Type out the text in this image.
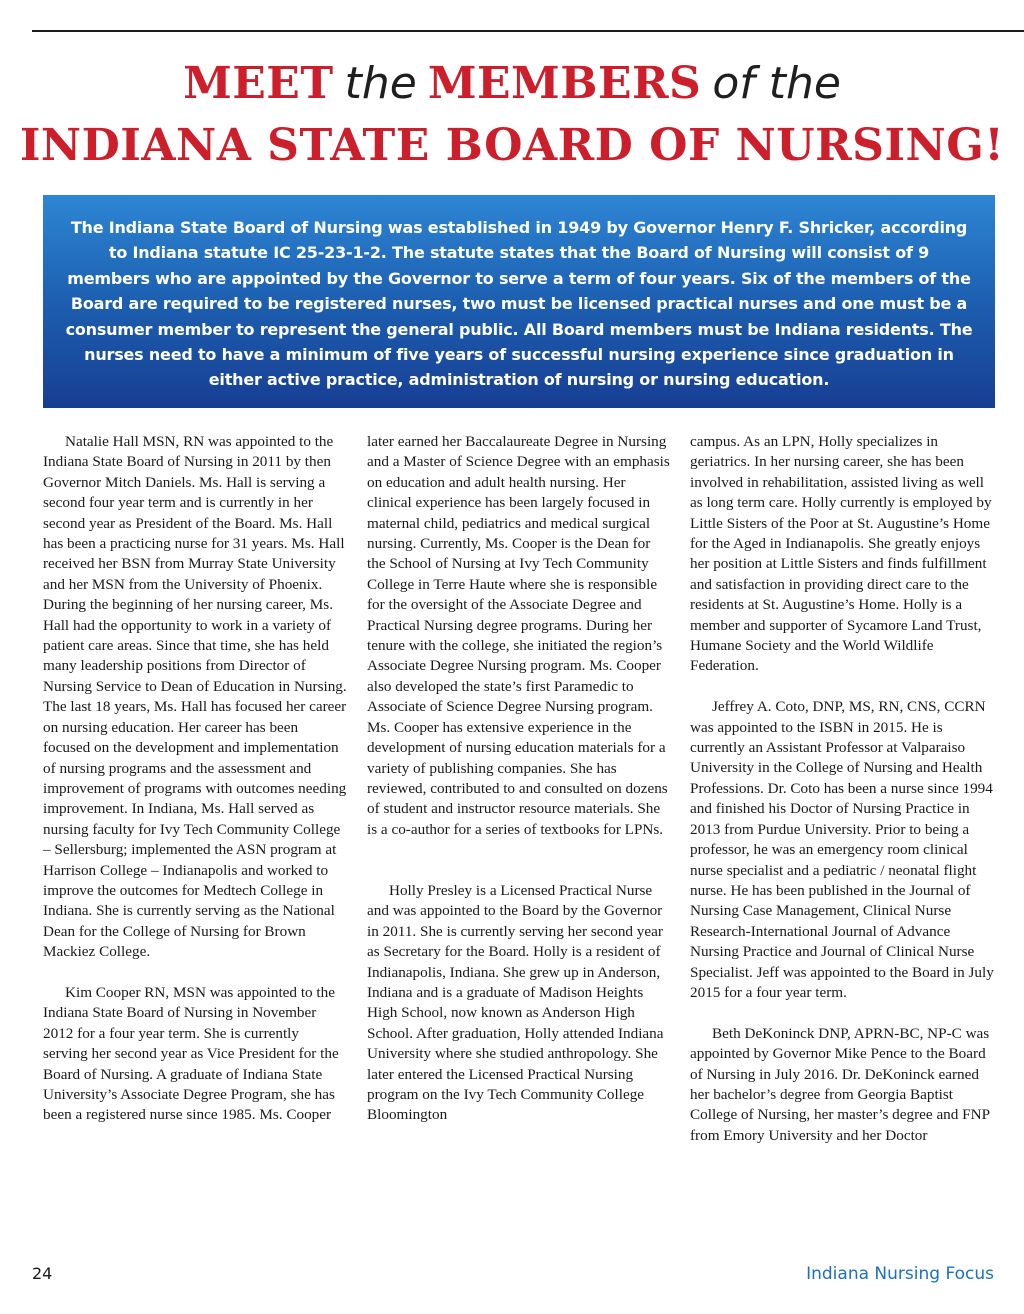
MEET the MEMBERS of the
INDIANA STATE BOARD OF NURSING!

The Indiana State Board of Nursing was established in 1949 by Governor Henry F. Shricker, according to Indiana statute IC 25-23-1-2. The statute states that the Board of Nursing will consist of 9 members who are appointed by the Governor to serve a term of four years. Six of the members of the Board are required to be registered nurses, two must be licensed practical nurses and one must be a consumer member to represent the general public. All Board members must be Indiana residents. The nurses need to have a minimum of five years of successful nursing experience since graduation in either active practice, administration of nursing or nursing education.

Natalie Hall MSN, RN was appointed to the Indiana State Board of Nursing in 2011 by then Governor Mitch Daniels. Ms. Hall is serving a second four year term and is currently in her second year as President of the Board. Ms. Hall has been a practicing nurse for 31 years. Ms. Hall received her BSN from Murray State University and her MSN from the University of Phoenix. During the beginning of her nursing career, Ms. Hall had the opportunity to work in a variety of patient care areas. Since that time, she has held many leadership positions from Director of Nursing Service to Dean of Education in Nursing. The last 18 years, Ms. Hall has focused her career on nursing education. Her career has been focused on the development and implementation of nursing programs and the assessment and improvement of programs with outcomes needing improvement. In Indiana, Ms. Hall served as nursing faculty for Ivy Tech Community College – Sellersburg; implemented the ASN program at Harrison College – Indianapolis and worked to improve the outcomes for Medtech College in Indiana. She is currently serving as the National Dean for the College of Nursing for Brown Mackiez College.

Kim Cooper RN, MSN was appointed to the Indiana State Board of Nursing in November 2012 for a four year term. She is currently serving her second year as Vice President for the Board of Nursing. A graduate of Indiana State University’s Associate Degree Program, she has been a registered nurse since 1985. Ms. Cooper

later earned her Baccalaureate Degree in Nursing and a Master of Science Degree with an emphasis on education and adult health nursing. Her clinical experience has been largely focused in maternal child, pediatrics and medical surgical nursing. Currently, Ms. Cooper is the Dean for the School of Nursing at Ivy Tech Community College in Terre Haute where she is responsible for the oversight of the Associate Degree and Practical Nursing degree programs. During her tenure with the college, she initiated the region’s Associate Degree Nursing program. Ms. Cooper also developed the state’s first Paramedic to Associate of Science Degree Nursing program. Ms. Cooper has extensive experience in the development of nursing education materials for a variety of publishing companies. She has reviewed, contributed to and consulted on dozens of student and instructor resource materials. She is a co-author for a series of textbooks for LPNs.

Holly Presley is a Licensed Practical Nurse and was appointed to the Board by the Governor in 2011. She is currently serving her second year as Secretary for the Board. Holly is a resident of Indianapolis, Indiana. She grew up in Anderson, Indiana and is a graduate of Madison Heights High School, now known as Anderson High School. After graduation, Holly attended Indiana University where she studied anthropology. She later entered the Licensed Practical Nursing program on the Ivy Tech Community College Bloomington

campus. As an LPN, Holly specializes in geriatrics. In her nursing career, she has been involved in rehabilitation, assisted living as well as long term care. Holly currently is employed by Little Sisters of the Poor at St. Augustine’s Home for the Aged in Indianapolis. She greatly enjoys her position at Little Sisters and finds fulfillment and satisfaction in providing direct care to the residents at St. Augustine’s Home. Holly is a member and supporter of Sycamore Land Trust, Humane Society and the World Wildlife Federation.

Jeffrey A. Coto, DNP, MS, RN, CNS, CCRN was appointed to the ISBN in 2015. He is currently an Assistant Professor at Valparaiso University in the College of Nursing and Health Professions. Dr. Coto has been a nurse since 1994 and finished his Doctor of Nursing Practice in 2013 from Purdue University. Prior to being a professor, he was an emergency room clinical nurse specialist and a pediatric / neonatal flight nurse. He has been published in the Journal of Nursing Case Management, Clinical Nurse Research-International Journal of Advance Nursing Practice and Journal of Clinical Nurse Specialist. Jeff was appointed to the Board in July 2015 for a four year term.

Beth DeKoninck DNP, APRN-BC, NP-C was appointed by Governor Mike Pence to the Board of Nursing in July 2016. Dr. DeKoninck earned her bachelor’s degree from Georgia Baptist College of Nursing, her master’s degree and FNP from Emory University and her Doctor

24	Indiana Nursing Focus
